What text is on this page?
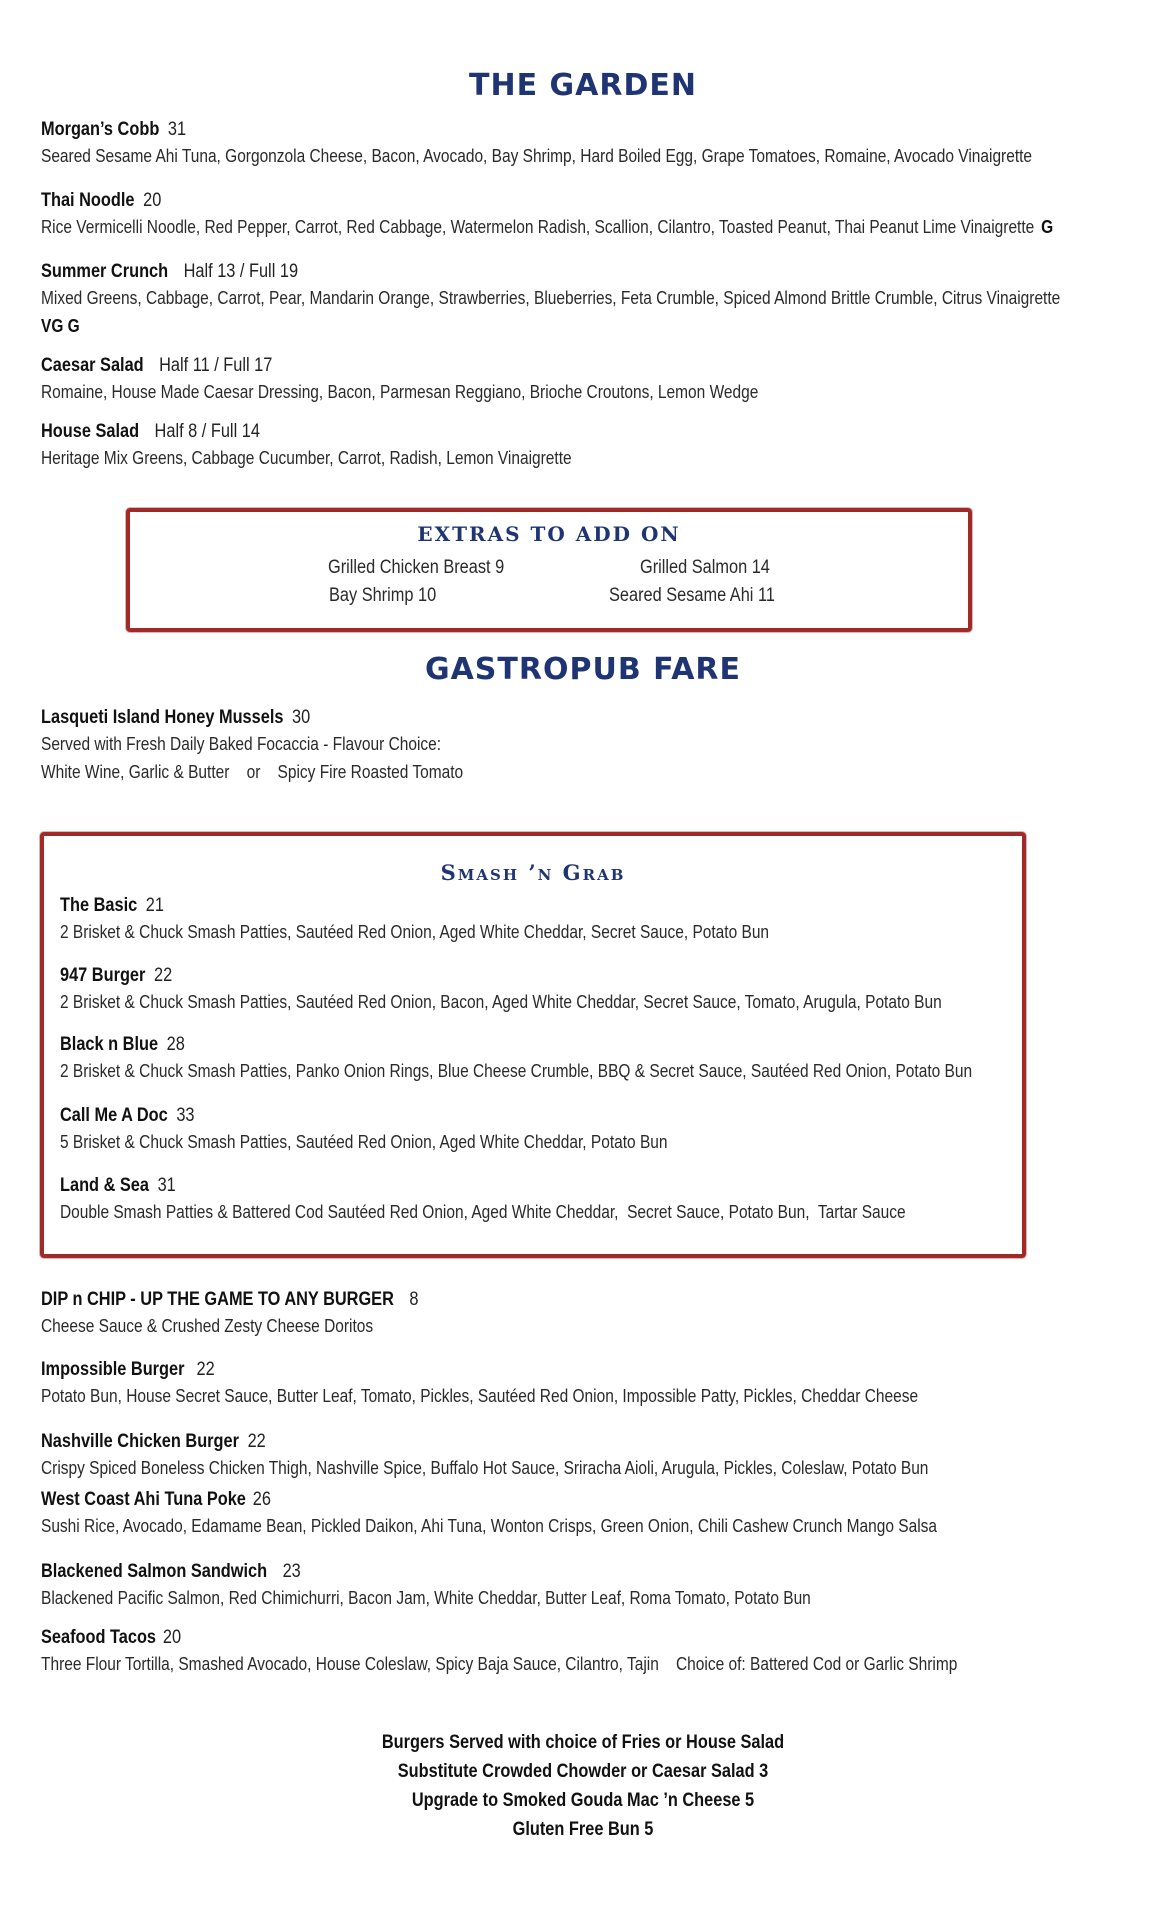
THE GARDEN
Morgan’s Cobb 31
Seared Sesame Ahi Tuna, Gorgonzola Cheese, Bacon, Avocado, Bay Shrimp, Hard Boiled Egg, Grape Tomatoes, Romaine, Avocado Vinaigrette
Thai Noodle 20
Rice Vermicelli Noodle, Red Pepper, Carrot, Red Cabbage, Watermelon Radish, Scallion, Cilantro, Toasted Peanut, Thai Peanut Lime Vinaigrette G
Summer Crunch Half 13 / Full 19
Mixed Greens, Cabbage, Carrot, Pear, Mandarin Orange, Strawberries, Blueberries, Feta Crumble, Spiced Almond Brittle Crumble, Citrus Vinaigrette
VG G
Caesar Salad Half 11 / Full 17
Romaine, House Made Caesar Dressing, Bacon, Parmesan Reggiano, Brioche Croutons, Lemon Wedge
House Salad Half 8 / Full 14
Heritage Mix Greens, Cabbage Cucumber, Carrot, Radish, Lemon Vinaigrette
EXTRAS TO ADD ON
Grilled Chicken Breast 9	Grilled Salmon 14
Bay Shrimp 10	Seared Sesame Ahi 11
GASTROPUB FARE
Lasqueti Island Honey Mussels 30
Served with Fresh Daily Baked Focaccia - Flavour Choice:
White Wine, Garlic & Butter    or    Spicy Fire Roasted Tomato
Smash ’n Grab
The Basic 21
2 Brisket & Chuck Smash Patties, Sautéed Red Onion, Aged White Cheddar, Secret Sauce, Potato Bun
947 Burger 22
2 Brisket & Chuck Smash Patties, Sautéed Red Onion, Bacon, Aged White Cheddar, Secret Sauce, Tomato, Arugula, Potato Bun
Black n Blue 28
2 Brisket & Chuck Smash Patties, Panko Onion Rings, Blue Cheese Crumble, BBQ & Secret Sauce, Sautéed Red Onion, Potato Bun
Call Me A Doc 33
5 Brisket & Chuck Smash Patties, Sautéed Red Onion, Aged White Cheddar, Potato Bun
Land & Sea 31
Double Smash Patties & Battered Cod Sautéed Red Onion, Aged White Cheddar,  Secret Sauce, Potato Bun,  Tartar Sauce
DIP n CHIP - UP THE GAME TO ANY BURGER 8
Cheese Sauce & Crushed Zesty Cheese Doritos
Impossible Burger 22
Potato Bun, House Secret Sauce, Butter Leaf, Tomato, Pickles, Sautéed Red Onion, Impossible Patty, Pickles, Cheddar Cheese
Nashville Chicken Burger 22
Crispy Spiced Boneless Chicken Thigh, Nashville Spice, Buffalo Hot Sauce, Sriracha Aioli, Arugula, Pickles, Coleslaw, Potato Bun
West Coast Ahi Tuna Poke 26
Sushi Rice, Avocado, Edamame Bean, Pickled Daikon, Ahi Tuna, Wonton Crisps, Green Onion, Chili Cashew Crunch Mango Salsa
Blackened Salmon Sandwich 23
Blackened Pacific Salmon, Red Chimichurri, Bacon Jam, White Cheddar, Butter Leaf, Roma Tomato, Potato Bun
Seafood Tacos 20
Three Flour Tortilla, Smashed Avocado, House Coleslaw, Spicy Baja Sauce, Cilantro, Tajin    Choice of: Battered Cod or Garlic Shrimp
Burgers Served with choice of Fries or House Salad
Substitute Crowded Chowder or Caesar Salad 3
Upgrade to Smoked Gouda Mac ’n Cheese 5
Gluten Free Bun 5
